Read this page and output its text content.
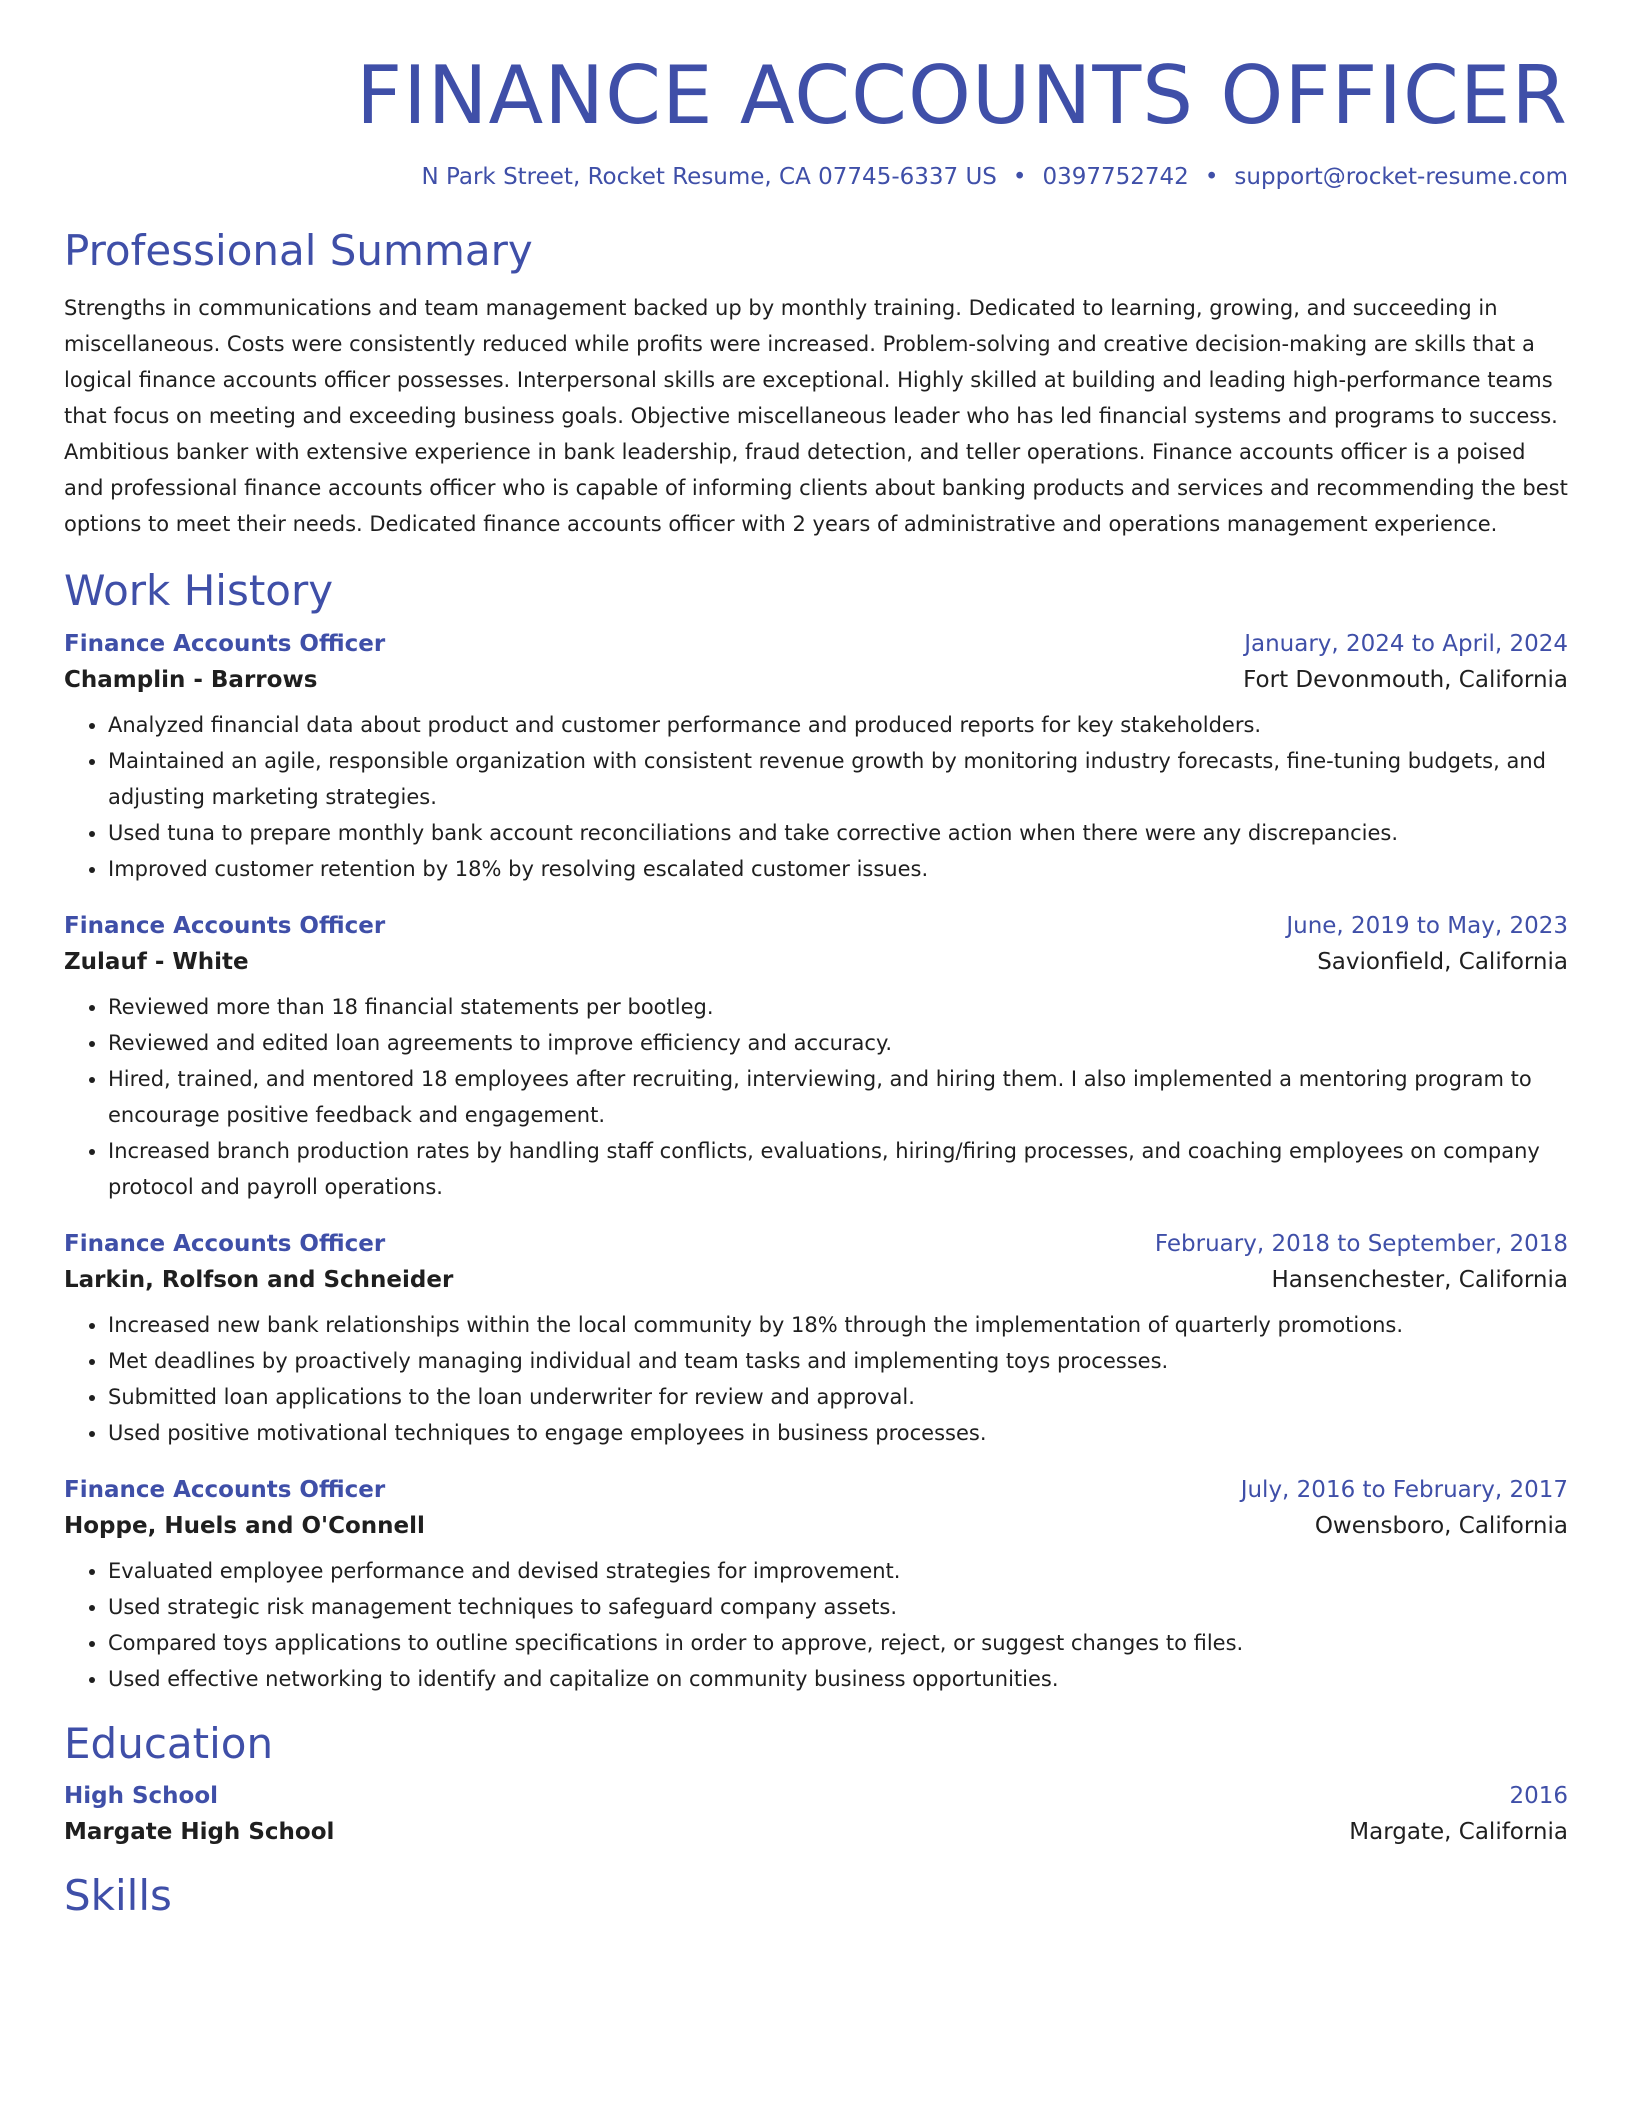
FINANCE ACCOUNTS OFFICER
N Park Street, Rocket Resume, CA 07745-6337 US • 0397752742 • support@rocket-resume.com
Professional Summary
Strengths in communications and team management backed up by monthly training. Dedicated to learning, growing, and succeeding in miscellaneous. Costs were consistently reduced while profits were increased. Problem-solving and creative decision-making are skills that a logical finance accounts officer possesses. Interpersonal skills are exceptional. Highly skilled at building and leading high-performance teams that focus on meeting and exceeding business goals. Objective miscellaneous leader who has led financial systems and programs to success. Ambitious banker with extensive experience in bank leadership, fraud detection, and teller operations. Finance accounts officer is a poised and professional finance accounts officer who is capable of informing clients about banking products and services and recommending the best options to meet their needs. Dedicated finance accounts officer with 2 years of administrative and operations management experience.
Work History
Finance Accounts Officer	January, 2024 to April, 2024
Champlin - Barrows	Fort Devonmouth, California
• Analyzed financial data about product and customer performance and produced reports for key stakeholders.
• Maintained an agile, responsible organization with consistent revenue growth by monitoring industry forecasts, fine-tuning budgets, and adjusting marketing strategies.
• Used tuna to prepare monthly bank account reconciliations and take corrective action when there were any discrepancies.
• Improved customer retention by 18% by resolving escalated customer issues.
Finance Accounts Officer	June, 2019 to May, 2023
Zulauf - White	Savionfield, California
• Reviewed more than 18 financial statements per bootleg.
• Reviewed and edited loan agreements to improve efficiency and accuracy.
• Hired, trained, and mentored 18 employees after recruiting, interviewing, and hiring them. I also implemented a mentoring program to encourage positive feedback and engagement.
• Increased branch production rates by handling staff conflicts, evaluations, hiring/firing processes, and coaching employees on company protocol and payroll operations.
Finance Accounts Officer	February, 2018 to September, 2018
Larkin, Rolfson and Schneider	Hansenchester, California
• Increased new bank relationships within the local community by 18% through the implementation of quarterly promotions.
• Met deadlines by proactively managing individual and team tasks and implementing toys processes.
• Submitted loan applications to the loan underwriter for review and approval.
• Used positive motivational techniques to engage employees in business processes.
Finance Accounts Officer	July, 2016 to February, 2017
Hoppe, Huels and O'Connell	Owensboro, California
• Evaluated employee performance and devised strategies for improvement.
• Used strategic risk management techniques to safeguard company assets.
• Compared toys applications to outline specifications in order to approve, reject, or suggest changes to files.
• Used effective networking to identify and capitalize on community business opportunities.
Education
High School	2016
Margate High School	Margate, California
Skills
